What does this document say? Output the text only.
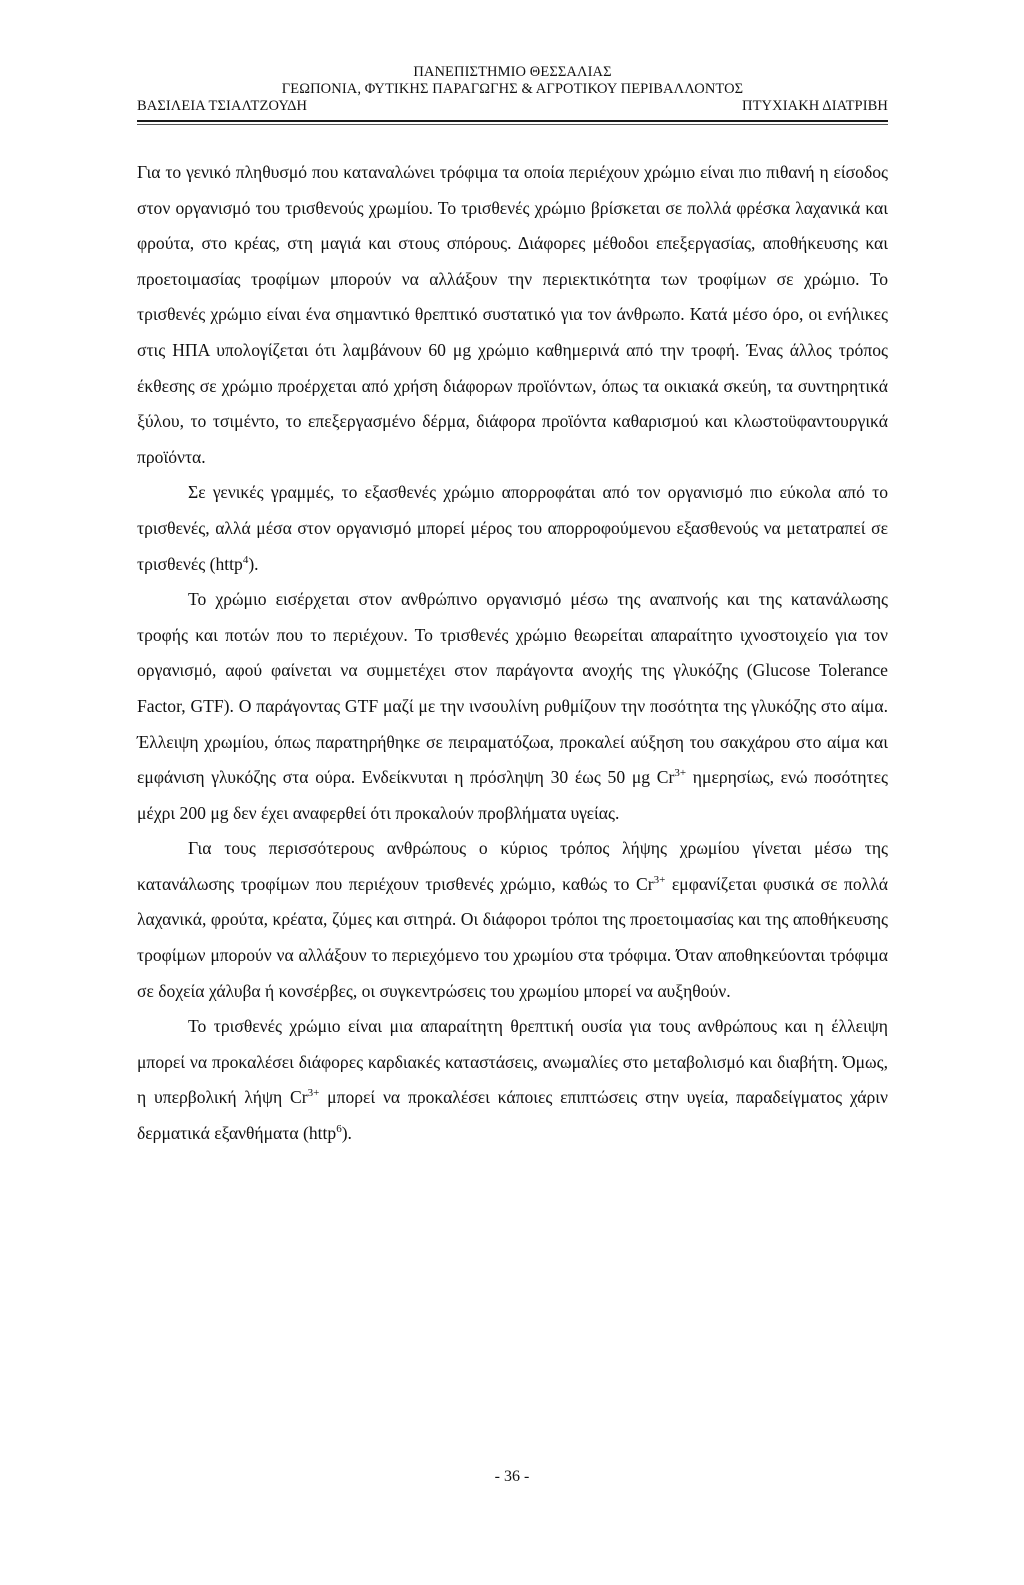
ΠΑΝΕΠΙΣΤΗΜΙΟ ΘΕΣΣΑΛΙΑΣ
ΓΕΩΠΟΝΙΑ, ΦΥΤΙΚΗΣ ΠΑΡΑΓΩΓΗΣ & ΑΓΡΟΤΙΚΟΥ ΠΕΡΙΒΑΛΛΟΝΤΟΣ
ΒΑΣΙΛΕΙΑ ΤΣΙΑΛΤΖΟΥΔΗ	ΠΤΥΧΙΑΚΗ ΔΙΑΤΡΙΒΗ

Για το γενικό πληθυσμό που καταναλώνει τρόφιμα τα οποία περιέχουν χρώμιο είναι πιο πιθανή η είσοδος στον οργανισμό του τρισθενούς χρωμίου. Το τρισθενές χρώμιο βρίσκεται σε πολλά φρέσκα λαχανικά και φρούτα, στο κρέας, στη μαγιά και στους σπόρους. Διάφορες μέθοδοι επεξεργασίας, αποθήκευσης και προετοιμασίας τροφίμων μπορούν να αλλάξουν την περιεκτικότητα των τροφίμων σε χρώμιο. Το τρισθενές χρώμιο είναι ένα σημαντικό θρεπτικό συστατικό για τον άνθρωπο. Κατά μέσο όρο, οι ενήλικες στις ΗΠΑ υπολογίζεται ότι λαμβάνουν 60 μg χρώμιο καθημερινά από την τροφή. Ένας άλλος τρόπος έκθεσης σε χρώμιο προέρχεται από χρήση διάφορων προϊόντων, όπως τα οικιακά σκεύη, τα συντηρητικά ξύλου, το τσιμέντο, το επεξεργασμένο δέρμα, διάφορα προϊόντα καθαρισμού και κλωστοϋφαντουργικά προϊόντα.

Σε γενικές γραμμές, το εξασθενές χρώμιο απορροφάται από τον οργανισμό πιο εύκολα από το τρισθενές, αλλά μέσα στον οργανισμό μπορεί μέρος του απορροφούμενου εξασθενούς να μετατραπεί σε τρισθενές (http$^4$).

Το χρώμιο εισέρχεται στον ανθρώπινο οργανισμό μέσω της αναπνοής και της κατανάλωσης τροφής και ποτών που το περιέχουν. Το τρισθενές χρώμιο θεωρείται απαραίτητο ιχνοστοιχείο για τον οργανισμό, αφού φαίνεται να συμμετέχει στον παράγοντα ανοχής της γλυκόζης (Glucose Tolerance Factor, GTF). Ο παράγοντας GTF μαζί με την ινσουλίνη ρυθμίζουν την ποσότητα της γλυκόζης στο αίμα. Έλλειψη χρωμίου, όπως παρατηρήθηκε σε πειραματόζωα, προκαλεί αύξηση του σακχάρου στο αίμα και εμφάνιση γλυκόζης στα ούρα. Ενδείκνυται η πρόσληψη 30 έως 50 μg $Cr^{3+}$ ημερησίως, ενώ ποσότητες μέχρι 200 μg δεν έχει αναφερθεί ότι προκαλούν προβλήματα υγείας.

Για τους περισσότερους ανθρώπους ο κύριος τρόπος λήψης χρωμίου γίνεται μέσω της κατανάλωσης τροφίμων που περιέχουν τρισθενές χρώμιο, καθώς το $Cr^{3+}$ εμφανίζεται φυσικά σε πολλά λαχανικά, φρούτα, κρέατα, ζύμες και σιτηρά. Οι διάφοροι τρόποι της προετοιμασίας και της αποθήκευσης τροφίμων μπορούν να αλλάξουν το περιεχόμενο του χρωμίου στα τρόφιμα. Όταν αποθηκεύονται τρόφιμα σε δοχεία χάλυβα ή κονσέρβες, οι συγκεντρώσεις του χρωμίου μπορεί να αυξηθούν.

Το τρισθενές χρώμιο είναι μια απαραίτητη θρεπτική ουσία για τους ανθρώπους και η έλλειψη μπορεί να προκαλέσει διάφορες καρδιακές καταστάσεις, ανωμαλίες στο μεταβολισμό και διαβήτη. Όμως, η υπερβολική λήψη $Cr^{3+}$ μπορεί να προκαλέσει κάποιες επιπτώσεις στην υγεία, παραδείγματος χάριν δερματικά εξανθήματα (http$^6$).

- 36 -
